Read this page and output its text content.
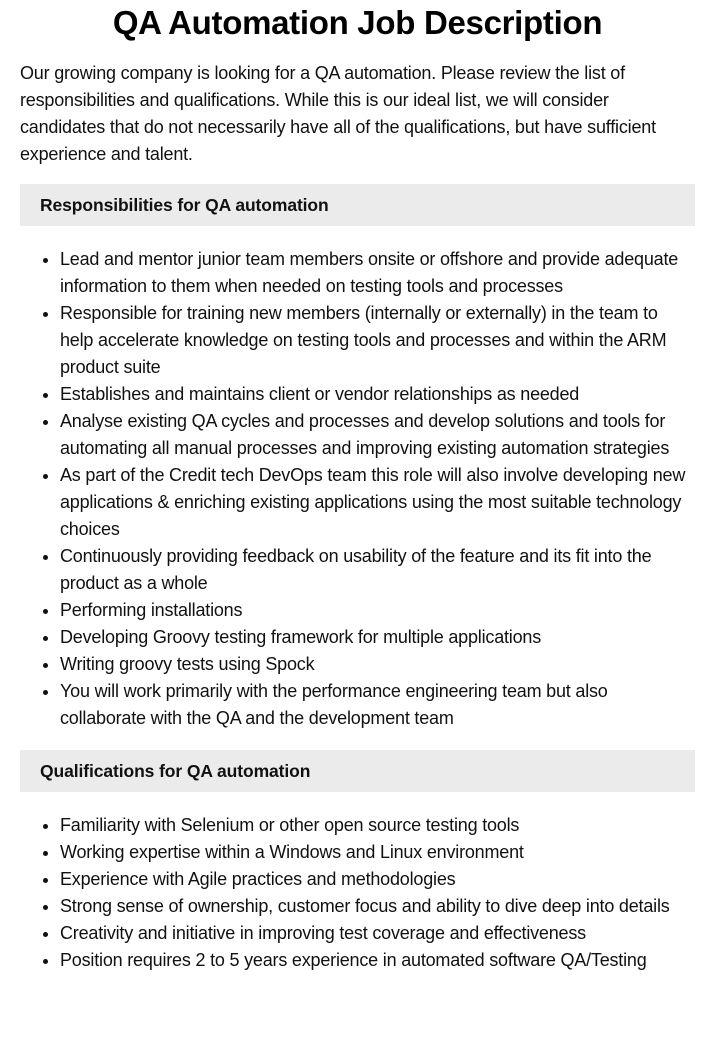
QA Automation Job Description

Our growing company is looking for a QA automation. Please review the list of responsibilities and qualifications. While this is our ideal list, we will consider candidates that do not necessarily have all of the qualifications, but have sufficient experience and talent.

Responsibilities for QA automation
• Lead and mentor junior team members onsite or offshore and provide adequate information to them when needed on testing tools and processes
• Responsible for training new members (internally or externally) in the team to help accelerate knowledge on testing tools and processes and within the ARM product suite
• Establishes and maintains client or vendor relationships as needed
• Analyse existing QA cycles and processes and develop solutions and tools for automating all manual processes and improving existing automation strategies
• As part of the Credit tech DevOps team this role will also involve developing new applications & enriching existing applications using the most suitable technology choices
• Continuously providing feedback on usability of the feature and its fit into the product as a whole
• Performing installations
• Developing Groovy testing framework for multiple applications
• Writing groovy tests using Spock
• You will work primarily with the performance engineering team but also collaborate with the QA and the development team
Qualifications for QA automation
• Familiarity with Selenium or other open source testing tools
• Working expertise within a Windows and Linux environment
• Experience with Agile practices and methodologies
• Strong sense of ownership, customer focus and ability to dive deep into details
• Creativity and initiative in improving test coverage and effectiveness
• Position requires 2 to 5 years experience in automated software QA/Testing
